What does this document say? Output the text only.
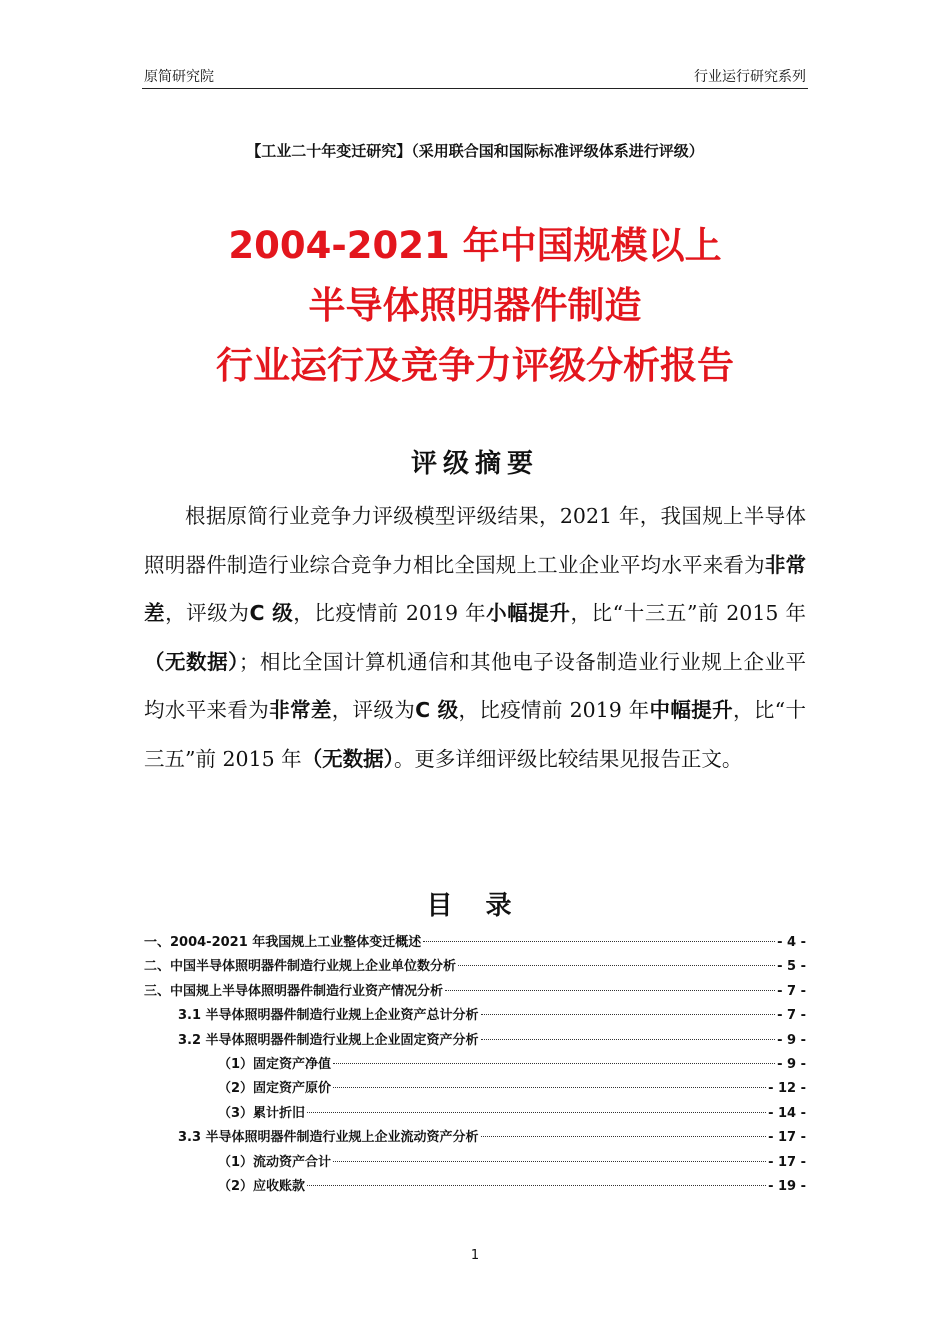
原简研究院	行业运行研究系列
【工业二十年变迁研究】（采用联合国和国际标准评级体系进行评级）
2004-2021 年中国规模以上
半导体照明器件制造
行业运行及竞争力评级分析报告
评级摘要

根据原简行业竞争力评级模型评级结果，2021 年，我国规上半导体照明器件制造行业综合竞争力相比全国规上工业企业平均水平来看为非常差，评级为C 级，比疫情前 2019 年小幅提升，比“十三五”前 2015 年（无数据）；相比全国计算机通信和其他电子设备制造业行业规上企业平均水平来看为非常差，评级为C 级，比疫情前 2019 年中幅提升，比“十三五”前 2015 年（无数据）。更多详细评级比较结果见报告正文。

目 录
一、2004-2021 年我国规上工业整体变迁概述	- 4 -
二、中国半导体照明器件制造行业规上企业单位数分析	- 5 -
三、中国规上半导体照明器件制造行业资产情况分析	- 7 -
3.1 半导体照明器件制造行业规上企业资产总计分析	- 7 -
3.2 半导体照明器件制造行业规上企业固定资产分析	- 9 -
（1）固定资产净值	- 9 -
（2）固定资产原价	- 12 -
（3）累计折旧	- 14 -
3.3 半导体照明器件制造行业规上企业流动资产分析	- 17 -
（1）流动资产合计	- 17 -
（2）应收账款	- 19 -
1
